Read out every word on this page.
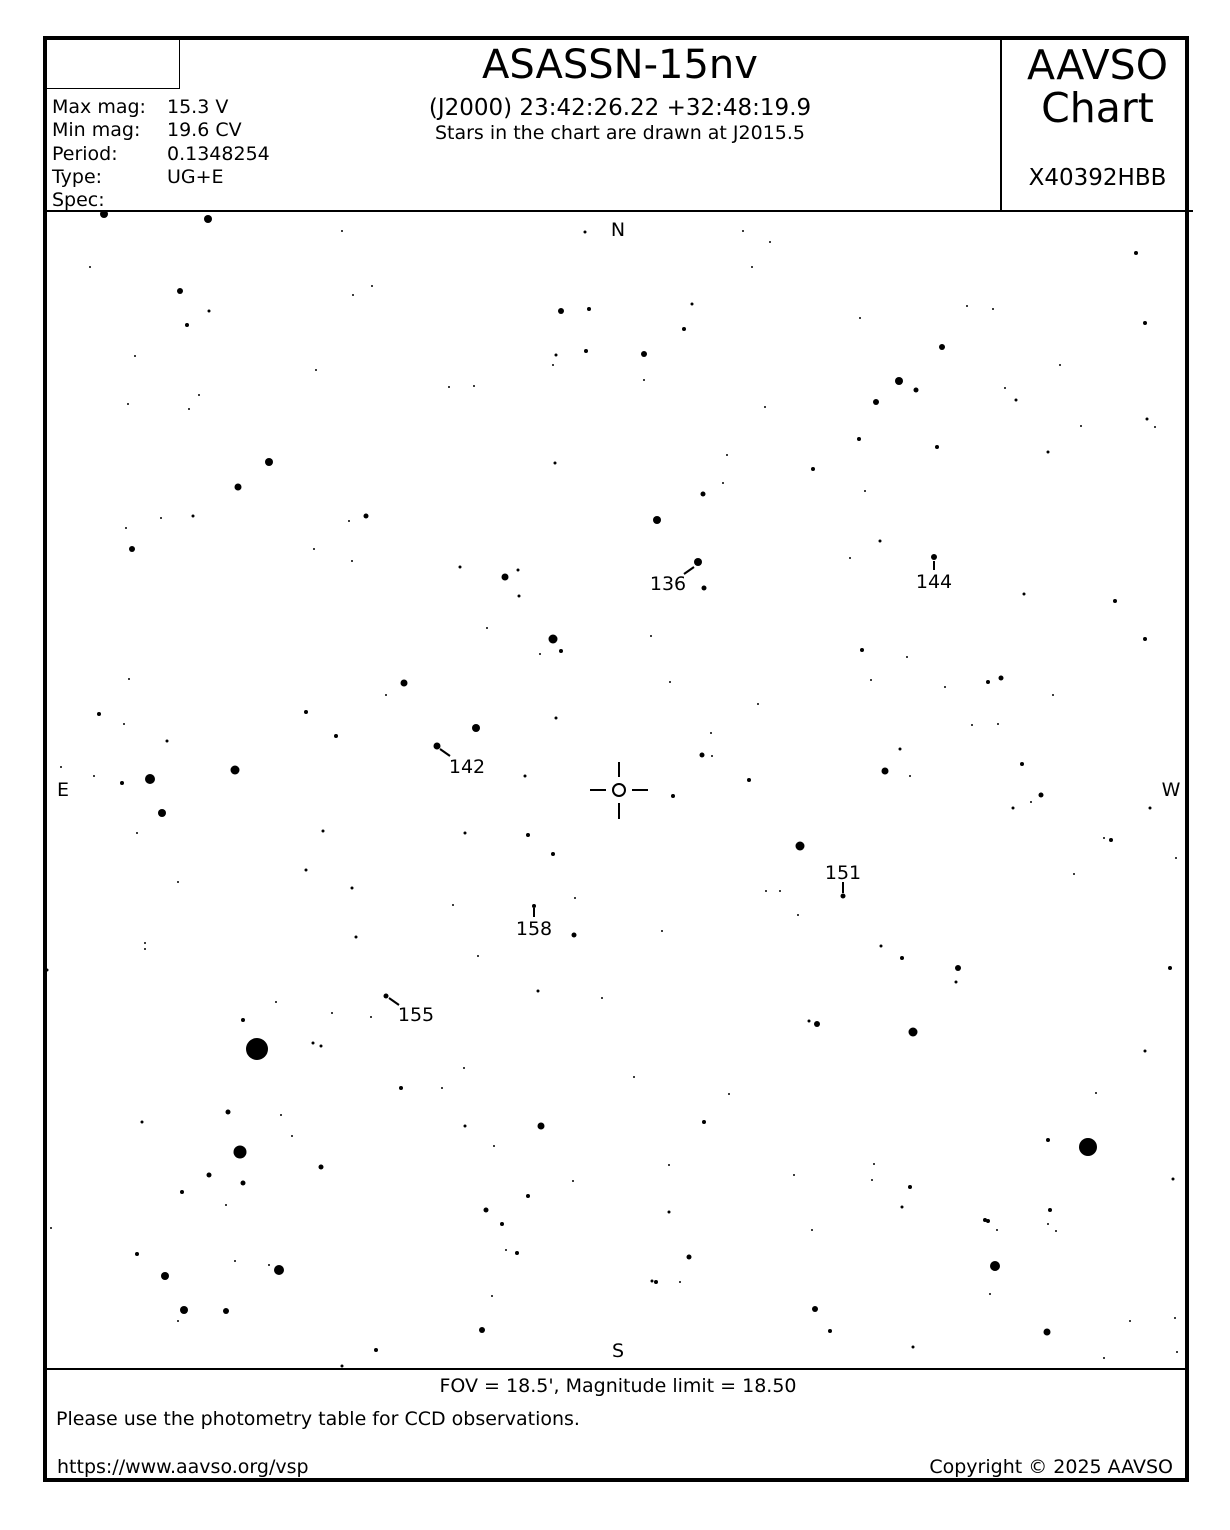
ASASSN-15nv
(J2000) 23:42:26.22 +32:48:19.9
Stars in the chart are drawn at J2015.5
AAVSO
Chart
X40392HBB
Max mag: 15.3 V
Min mag: 19.6 CV
Period:	0.1348254
Type:	UG+E
Spec:
N
S
E	W
136	144
142
151
158
155
FOV = 18.5', Magnitude limit = 18.50
Please use the photometry table for CCD observations.
https://www.aavso.org/vsp	Copyright © 2025 AAVSO
